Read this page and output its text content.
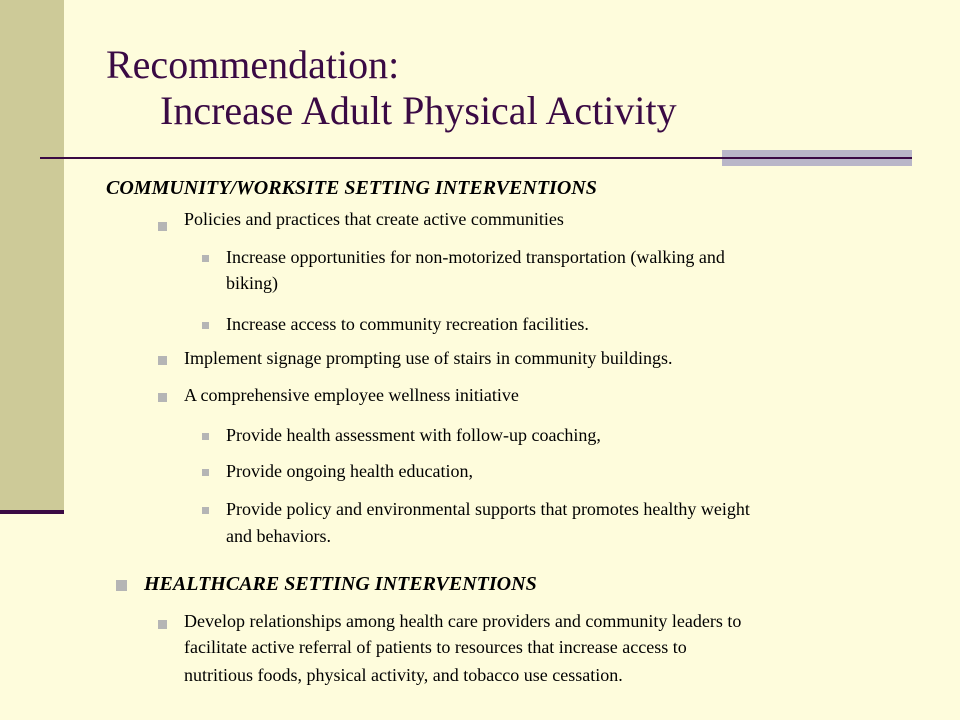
Recommendation:
Increase Adult Physical Activity
COMMUNITY/WORKSITE SETTING INTERVENTIONS
Policies and practices that create active communities
Increase opportunities for non-motorized transportation (walking and
biking)
Increase access to community recreation facilities.
Implement signage prompting use of stairs in community buildings.
A comprehensive employee wellness initiative
Provide health assessment with follow-up coaching,
Provide ongoing health education,
Provide policy and environmental supports that promotes healthy weight
and behaviors.
HEALTHCARE SETTING INTERVENTIONS
Develop relationships among health care providers and community leaders to
facilitate active referral of patients to resources that increase access to
nutritious foods, physical activity, and tobacco use cessation.
